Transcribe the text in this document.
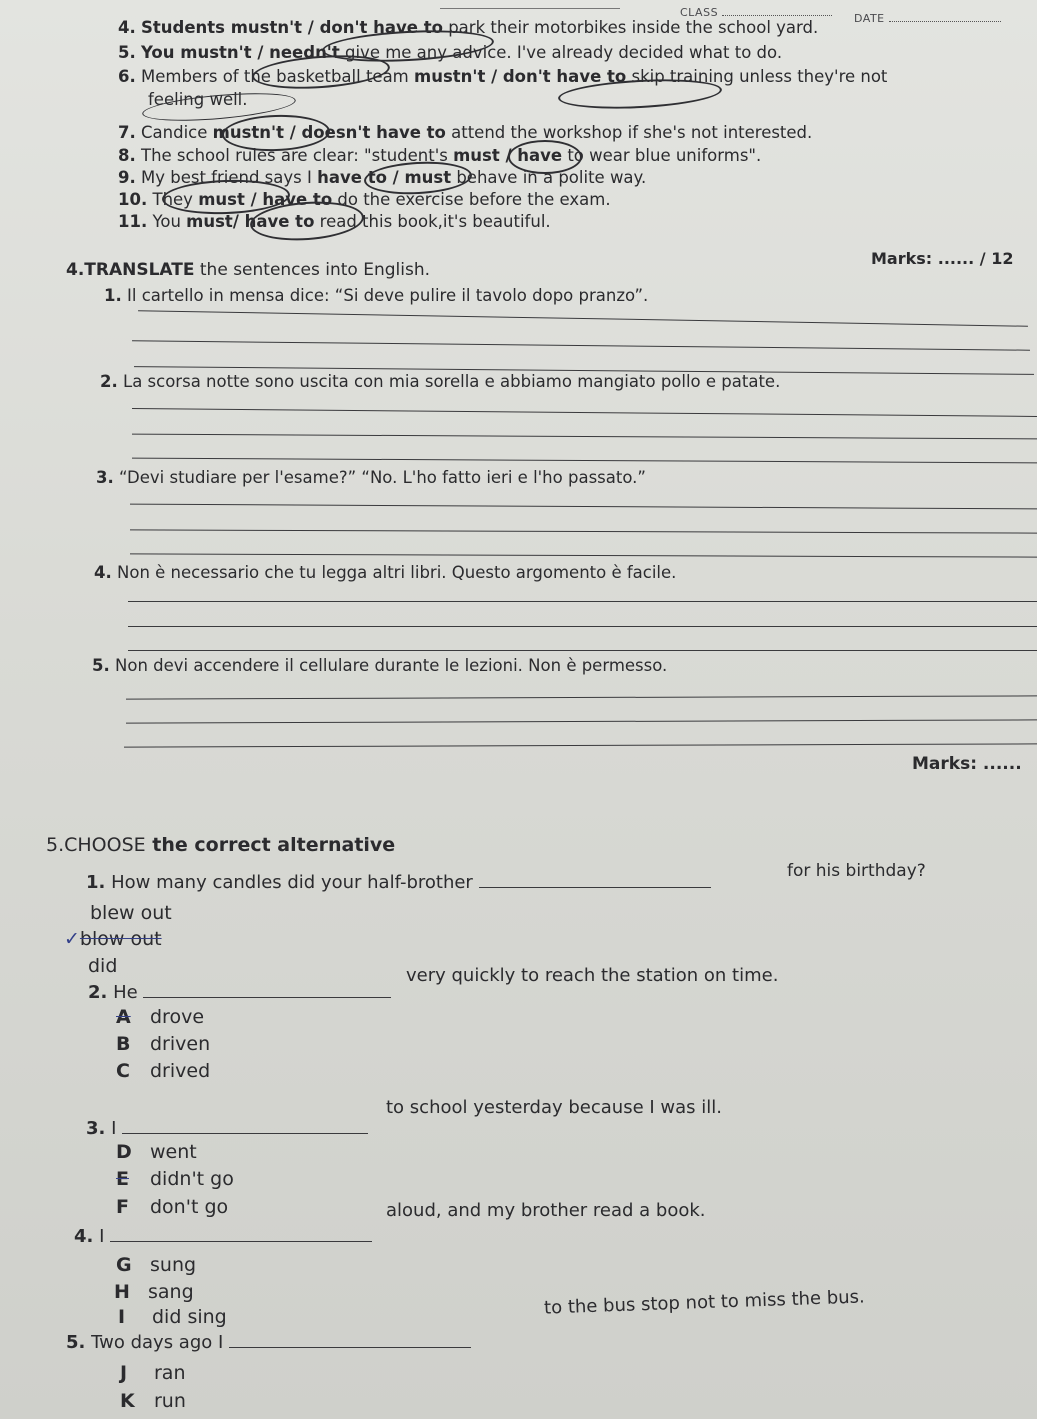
CLASS	DATE
4. Students mustn't / don't have to park their motorbikes inside the school yard.
5. You mustn't / needn't give me any advice. I've already decided what to do.
6. Members of the basketball team mustn't / don't have to skip training unless they're not
feeling well.
7. Candice mustn't / doesn't have to attend the workshop if she's not interested.
8. The school rules are clear: "student's must / have to wear blue uniforms".
9. My best friend says I have to / must behave in a polite way.
10. They must / have to do the exercise before the exam.
11. You must/ have to read this book,it's beautiful.
Marks: ...... / 12
4.TRANSLATE the sentences into English.
1. Il cartello in mensa dice: “Si deve pulire il tavolo dopo pranzo”.
2. La scorsa notte sono uscita con mia sorella e abbiamo mangiato pollo e patate.
3. “Devi studiare per l'esame?” “No. L'ho fatto ieri e l'ho passato.”
4. Non è necessario che tu legga altri libri. Questo argomento è facile.
5. Non devi accendere il cellulare durante le lezioni. Non è permesso.
Marks: ......
5.CHOOSE the correct alternative
1. How many candles did your half-brother
for his birthday?
blew out
✓blow out
did
2. He
very quickly to reach the station on time.
A drove
B driven
C drived
3. I
to school yesterday because I was ill.
D went
E didn't go
F don't go
4. I
aloud, and my brother read a book.
G sung
H sang
I did sing
5. Two days ago I
to the bus stop not to miss the bus.
J ran
K run
